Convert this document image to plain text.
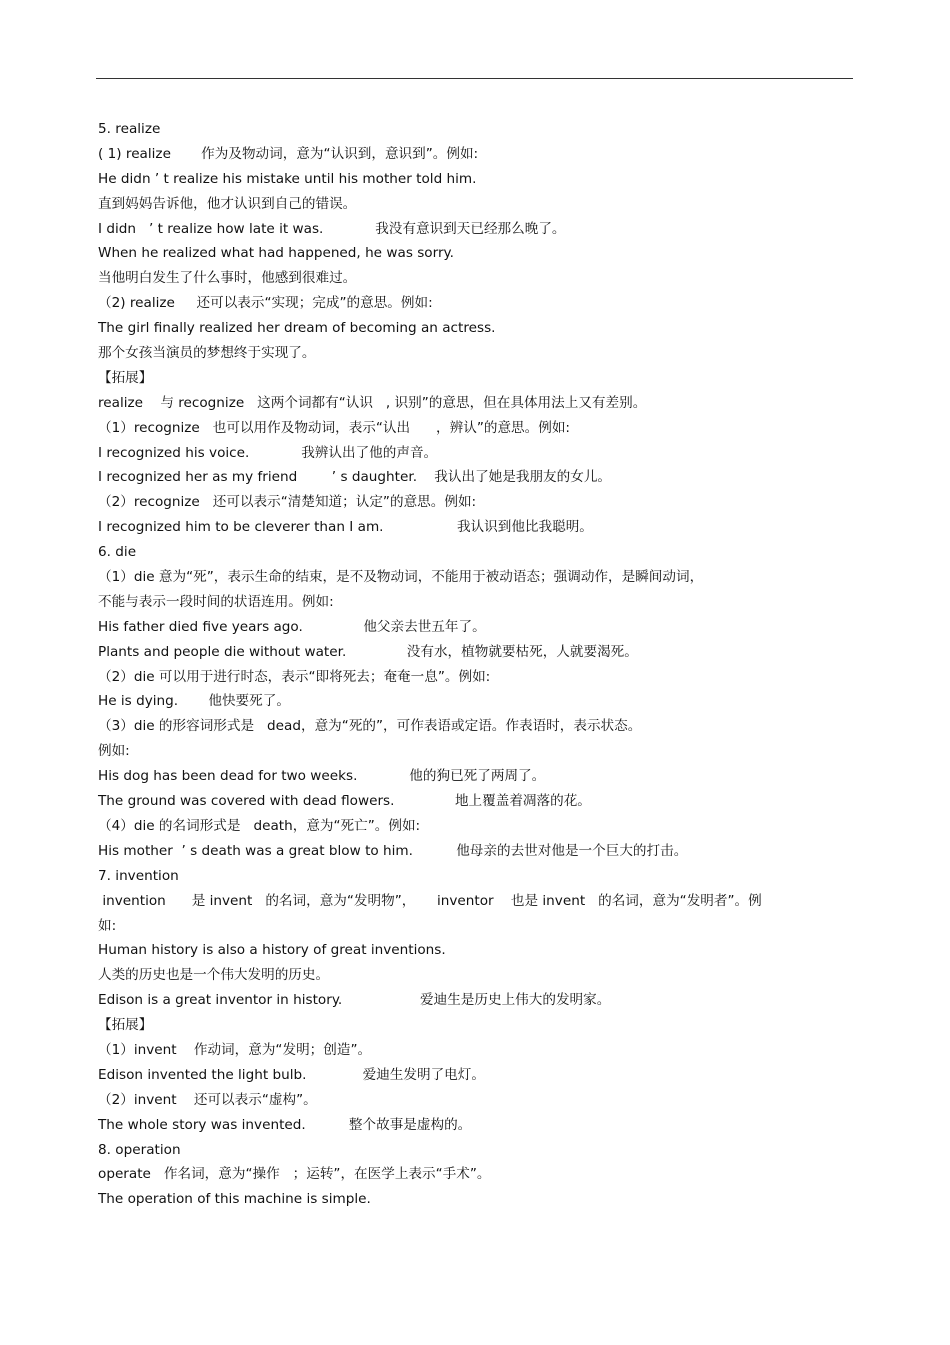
5. realize
( 1) realize       作为及物动词，意为“认识到，意识到”。例如:
He didn ’ t realize his mistake until his mother told him.
直到妈妈告诉他，他才认识到自己的错误。
I didn   ’ t realize how late it was.            我没有意识到天已经那么晚了。
When he realized what had happened, he was sorry.
当他明白发生了什么事时，他感到很难过。
（2) realize     还可以表示“实现；完成”的意思。例如:
The girl finally realized her dream of becoming an actress.
那个女孩当演员的梦想终于实现了。
【拓展】
realize    与 recognize   这两个词都有“认识   , 识别”的意思，但在具体用法上又有差别。
（1）recognize   也可以用作及物动词，表示“认出      ，辨认”的意思。例如:
I recognized his voice.            我辨认出了他的声音。
I recognized her as my friend        ’ s daughter.    我认出了她是我朋友的女儿。
（2）recognize   还可以表示“清楚知道；认定”的意思。例如:
I recognized him to be cleverer than I am.                 我认识到他比我聪明。
6. die
（1）die 意为“死”，表示生命的结束，是不及物动词，不能用于被动语态；强调动作，是瞬间动词，
不能与表示一段时间的状语连用。例如:
His father died five years ago.              他父亲去世五年了。
Plants and people die without water.              没有水，植物就要枯死，人就要渴死。
（2）die 可以用于进行时态，表示“即将死去；奄奄一息”。例如:
He is dying.       他快要死了。
（3）die 的形容词形式是   dead，意为“死的”，可作表语或定语。作表语时，表示状态。
例如:
His dog has been dead for two weeks.            他的狗已死了两周了。
The ground was covered with dead flowers.              地上覆盖着凋落的花。
（4）die 的名词形式是   death，意为“死亡”。例如:
His mother  ’ s death was a great blow to him.          他母亲的去世对他是一个巨大的打击。
7. invention
invention      是 invent   的名词，意为“发明物”，     inventor    也是 invent   的名词，意为“发明者”。例
如:
Human history is also a history of great inventions.
人类的历史也是一个伟大发明的历史。
Edison is a great inventor in history.                  爱迪生是历史上伟大的发明家。
【拓展】
（1）invent    作动词，意为“发明；创造”。
Edison invented the light bulb.             爱迪生发明了电灯。
（2）invent    还可以表示“虚构”。
The whole story was invented.          整个故事是虚构的。
8. operation
operate   作名词，意为“操作   ；运转”，在医学上表示“手术”。
The operation of this machine is simple.
